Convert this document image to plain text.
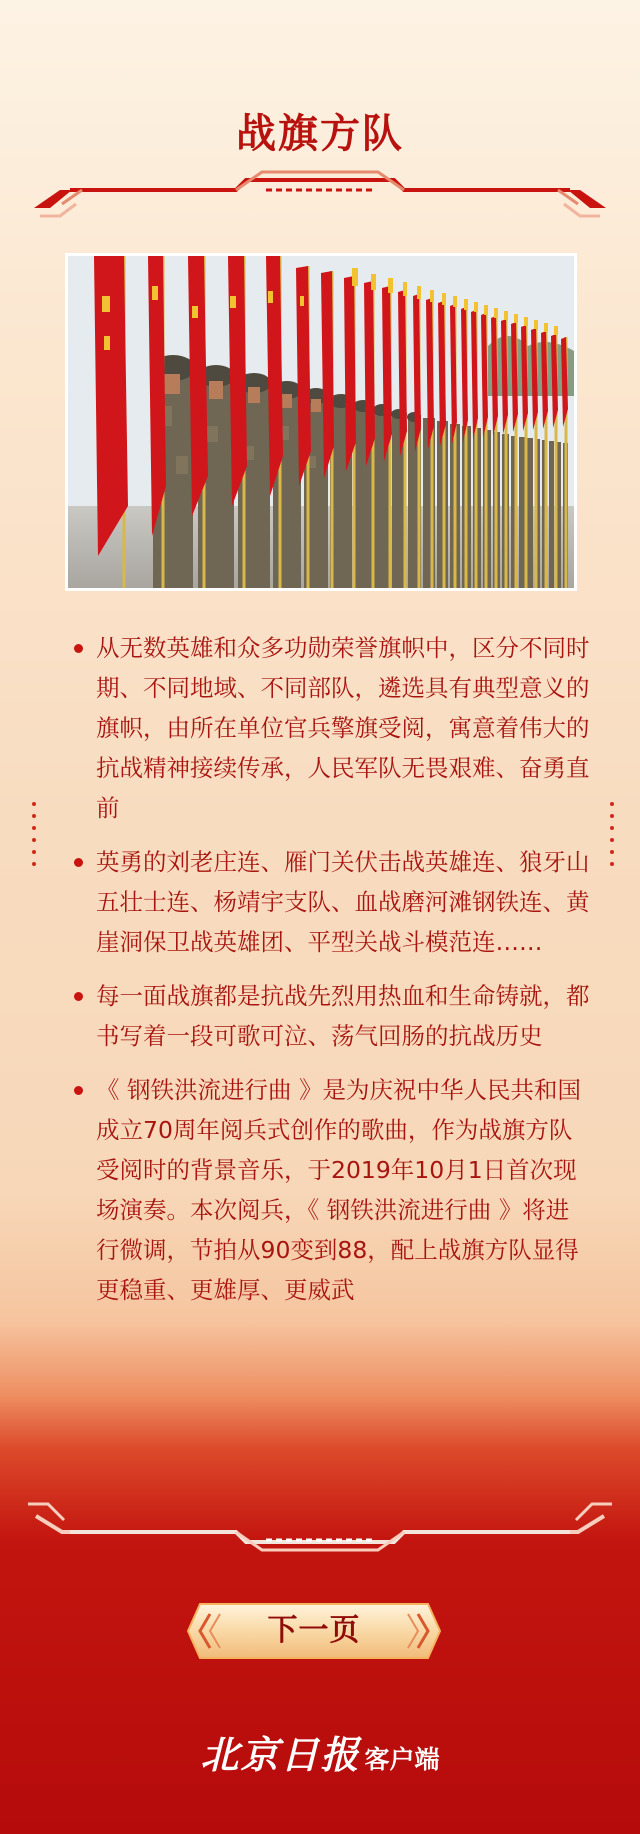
战旗方队
从无数英雄和众多功勋荣誉旗帜中，区分不同时期、不同地域、不同部队，遴选具有典型意义的旗帜，由所在单位官兵擎旗受阅，寓意着伟大的抗战精神接续传承，人民军队无畏艰难、奋勇直前
英勇的刘老庄连、雁门关伏击战英雄连、狼牙山五壮士连、杨靖宇支队、血战磨河滩钢铁连、黄崖洞保卫战英雄团、平型关战斗模范连……
每一面战旗都是抗战先烈用热血和生命铸就，都书写着一段可歌可泣、荡气回肠的抗战历史
《 钢铁洪流进行曲 》是为庆祝中华人民共和国成立70周年阅兵式创作的歌曲，作为战旗方队受阅时的背景音乐，于2019年10月1日首次现场演奏。本次阅兵，《 钢铁洪流进行曲 》将进行微调，节拍从90变到88，配上战旗方队显得更稳重、更雄厚、更威武
下一页
北京日报 客户端
